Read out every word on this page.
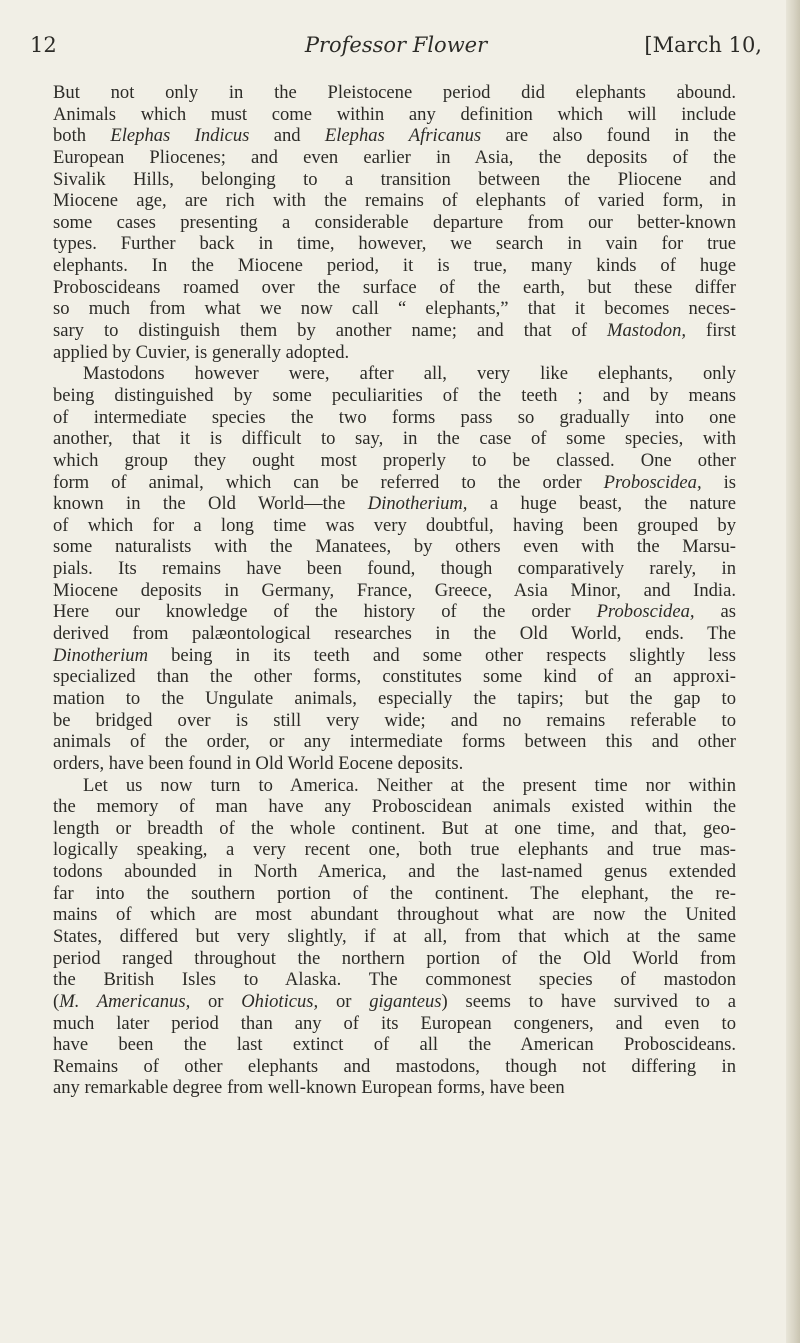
12	Professor Flower	[March 10,
But not only in the Pleistocene period did elephants abound.
Animals which must come within any definition which will include
both Elephas Indicus and Elephas Africanus are also found in the
European Pliocenes; and even earlier in Asia, the deposits of the
Sivalik Hills, belonging to a transition between the Pliocene and
Miocene age, are rich with the remains of elephants of varied form, in
some cases presenting a considerable departure from our better-known
types. Further back in time, however, we search in vain for true
elephants. In the Miocene period, it is true, many kinds of huge
Proboscideans roamed over the surface of the earth, but these differ
so much from what we now call “ elephants,” that it becomes neces-
sary to distinguish them by another name; and that of Mastodon, first
applied by Cuvier, is generally adopted.
Mastodons however were, after all, very like elephants, only
being distinguished by some peculiarities of the teeth ; and by means
of intermediate species the two forms pass so gradually into one
another, that it is difficult to say, in the case of some species, with
which group they ought most properly to be classed. One other
form of animal, which can be referred to the order Proboscidea, is
known in the Old World—the Dinotherium, a huge beast, the nature
of which for a long time was very doubtful, having been grouped by
some naturalists with the Manatees, by others even with the Marsu-
pials. Its remains have been found, though comparatively rarely, in
Miocene deposits in Germany, France, Greece, Asia Minor, and India.
Here our knowledge of the history of the order Proboscidea, as
derived from palæontological researches in the Old World, ends. The
Dinotherium being in its teeth and some other respects slightly less
specialized than the other forms, constitutes some kind of an approxi-
mation to the Ungulate animals, especially the tapirs; but the gap to
be bridged over is still very wide; and no remains referable to
animals of the order, or any intermediate forms between this and other
orders, have been found in Old World Eocene deposits.
Let us now turn to America. Neither at the present time nor within
the memory of man have any Proboscidean animals existed within the
length or breadth of the whole continent. But at one time, and that, geo-
logically speaking, a very recent one, both true elephants and true mas-
todons abounded in North America, and the last-named genus extended
far into the southern portion of the continent. The elephant, the re-
mains of which are most abundant throughout what are now the United
States, differed but very slightly, if at all, from that which at the same
period ranged throughout the northern portion of the Old World from
the British Isles to Alaska. The commonest species of mastodon
(M. Americanus, or Ohioticus, or giganteus) seems to have survived to a
much later period than any of its European congeners, and even to
have been the last extinct of all the American Proboscideans.
Remains of other elephants and mastodons, though not differing in
any remarkable degree from well-known European forms, have been
